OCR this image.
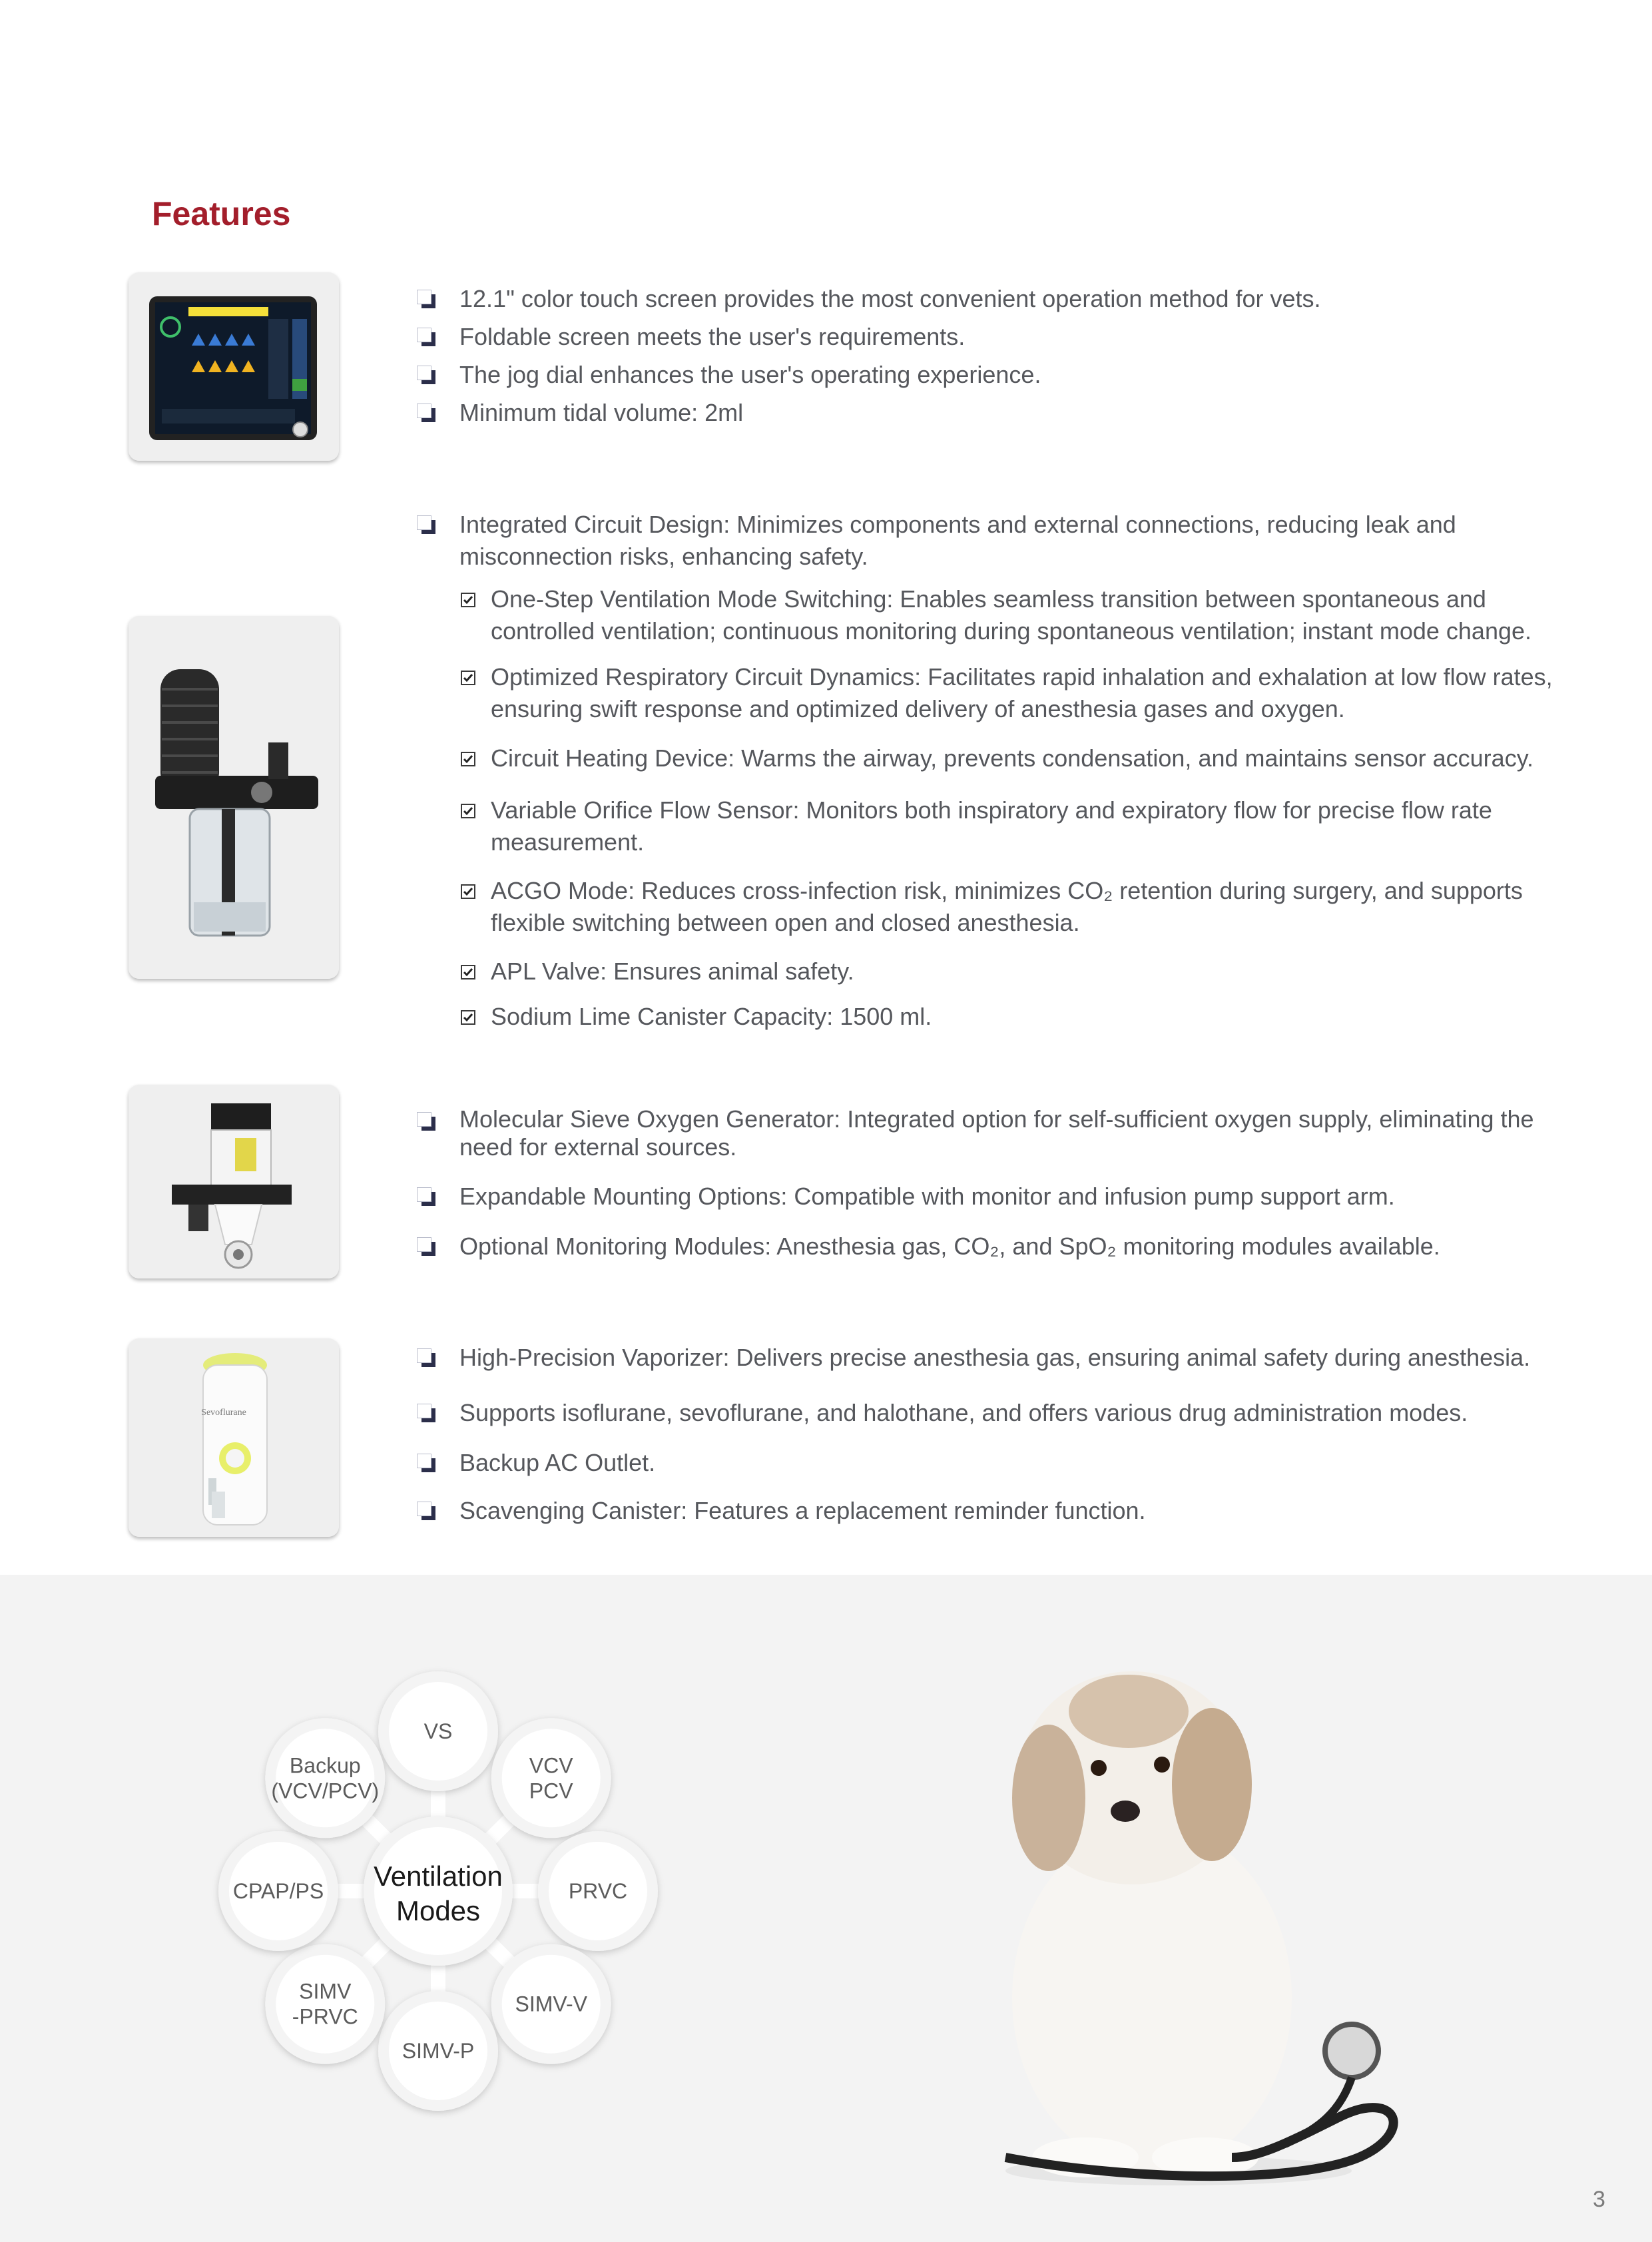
Features
Sevoflurane
12.1" color touch screen provides the most convenient operation method for vets.
Foldable screen meets the user's requirements.
The jog dial enhances the user's operating experience.
Minimum tidal volume: 2ml
Integrated Circuit Design: Minimizes components and external connections, reducing leak and
misconnection risks, enhancing safety.
One-Step Ventilation Mode Switching: Enables seamless transition between spontaneous and
controlled ventilation; continuous monitoring during spontaneous ventilation; instant mode change.
Optimized Respiratory Circuit Dynamics: Facilitates rapid inhalation and exhalation at low flow rates,
ensuring swift response and optimized delivery of anesthesia gases and oxygen.
Circuit Heating Device: Warms the airway, prevents condensation, and maintains sensor accuracy.
Variable Orifice Flow Sensor: Monitors both inspiratory and expiratory flow for precise flow rate
measurement.
ACGO Mode: Reduces cross-infection risk, minimizes CO₂ retention during surgery, and supports
flexible switching between open and closed anesthesia.
APL Valve: Ensures animal safety.
Sodium Lime Canister Capacity: 1500 ml.
Molecular Sieve Oxygen Generator: Integrated option for self-sufficient oxygen supply, eliminating the
need for external sources.
Expandable Mounting Options: Compatible with monitor and infusion pump support arm.
Optional Monitoring Modules: Anesthesia gas, CO₂, and SpO₂ monitoring modules available.
High-Precision Vaporizer: Delivers precise anesthesia gas, ensuring animal safety during anesthesia.
Supports isoflurane, sevoflurane, and halothane, and offers various drug administration modes.
Backup AC Outlet.
Scavenging Canister: Features a replacement reminder function.
VS
VCV
PCV
PRVC
SIMV-V
SIMV-P
SIMV
-PRVC
CPAP/PS
Backup
(VCV/PCV)
Ventilation
Modes
3
